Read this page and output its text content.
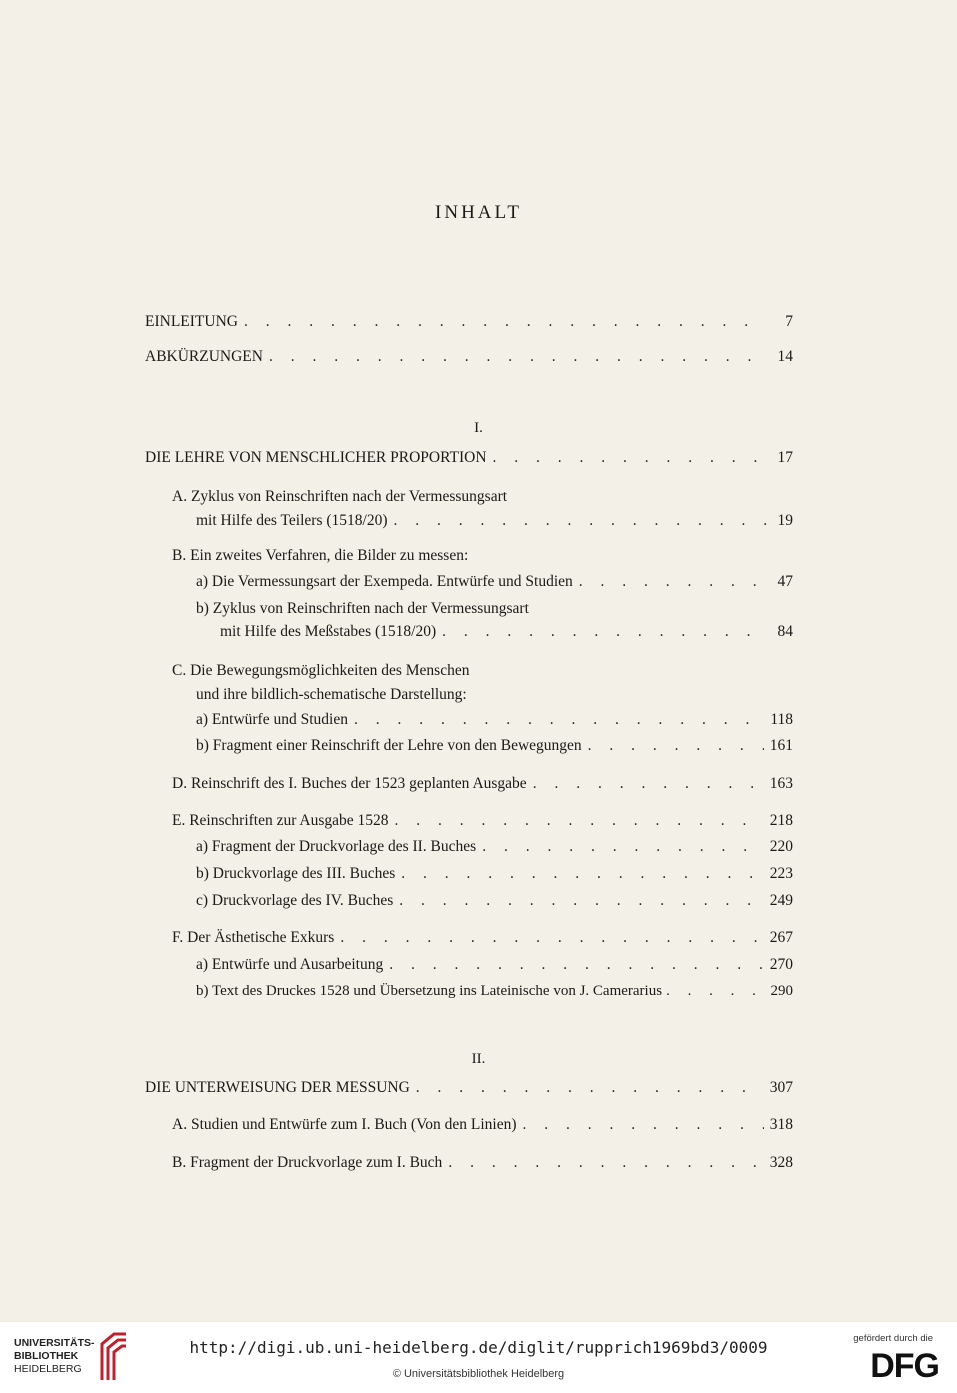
INHALT
EINLEITUNG . . .	7
ABKÜRZUNGEN . . .	14
I.
DIE LEHRE VON MENSCHLICHER PROPORTION . . .	17
A. Zyklus von Reinschriften nach der Vermessungsart
mit Hilfe des Teilers (1518/20) . . .	19
B. Ein zweites Verfahren, die Bilder zu messen:
a) Die Vermessungsart der Exempeda. Entwürfe und Studien . . .	47
b) Zyklus von Reinschriften nach der Vermessungsart
mit Hilfe des Meßstabes (1518/20) . . .	84
C. Die Bewegungsmöglichkeiten des Menschen
und ihre bildlich-schematische Darstellung:
a) Entwürfe und Studien . . .	118
b) Fragment einer Reinschrift der Lehre von den Bewegungen . . .	161
D. Reinschrift des I. Buches der 1523 geplanten Ausgabe . . .	163
E. Reinschriften zur Ausgabe 1528 . . .	218
a) Fragment der Druckvorlage des II. Buches . . .	220
b) Druckvorlage des III. Buches . . .	223
c) Druckvorlage des IV. Buches . . .	249
F. Der Ästhetische Exkurs . . .	267
a) Entwürfe und Ausarbeitung . . .	270
b) Text des Druckes 1528 und Übersetzung ins Lateinische von J. Camerarius . . .	290
II.
DIE UNTERWEISUNG DER MESSUNG . . .	307
A. Studien und Entwürfe zum I. Buch (Von den Linien) . . .	318
B. Fragment der Druckvorlage zum I. Buch . . .	328
UNIVERSITÄTS-
BIBLIOTHEK
HEIDELBERG
http://digi.ub.uni-heidelberg.de/diglit/rupprich1969bd3/0009
© Universitätsbibliothek Heidelberg
gefördert durch die
DFG
